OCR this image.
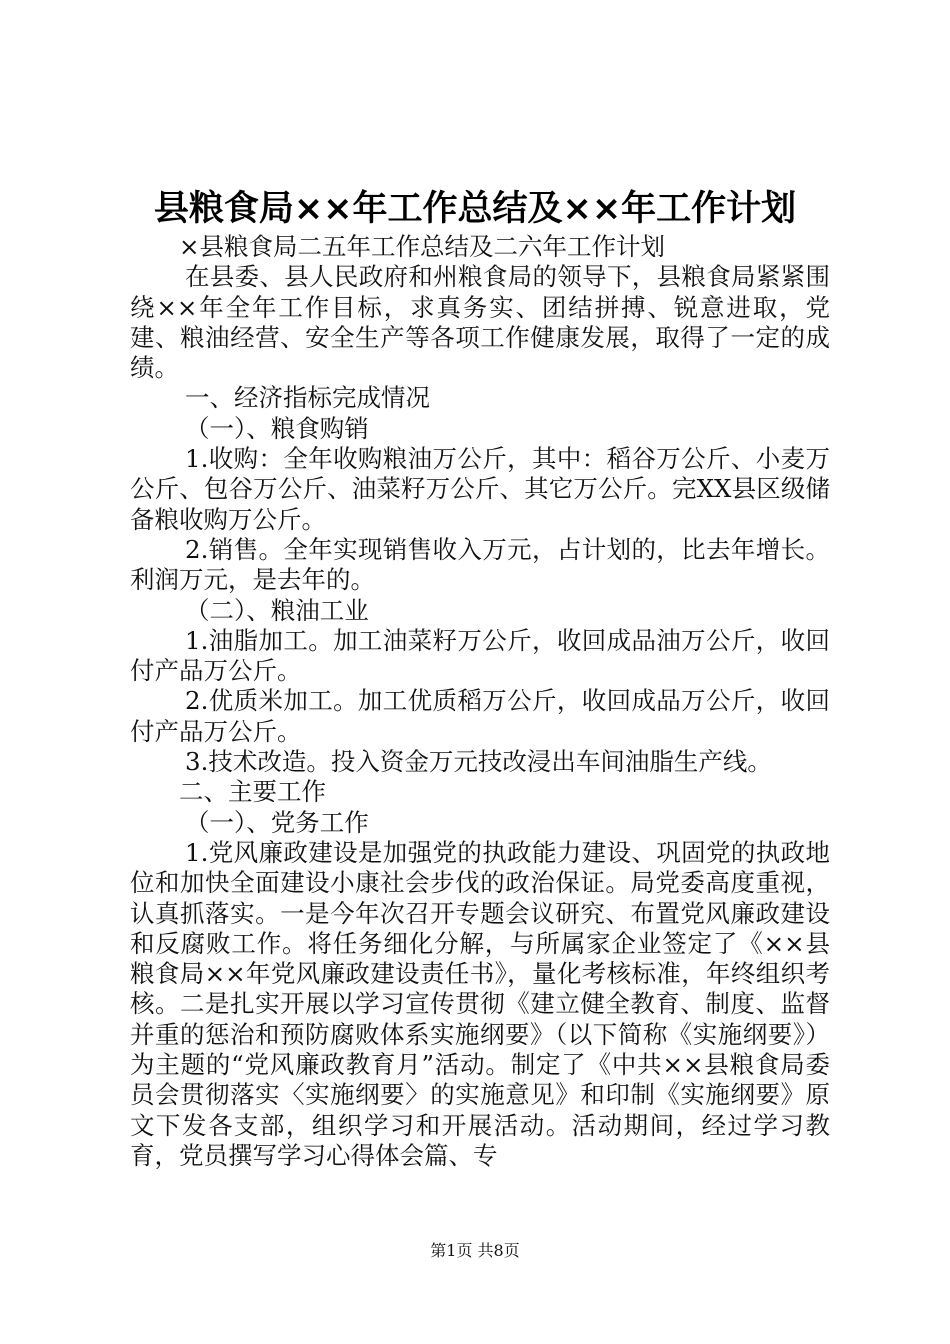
县粮食局××年工作总结及××年工作计划

×县粮食局二五年工作总结及二六年工作计划

在县委、县人民政府和州粮食局的领导下，县粮食局紧紧围绕××年全年工作目标，求真务实、团结拼搏、锐意进取，党建、粮油经营、安全生产等各项工作健康发展，取得了一定的成绩。

一、经济指标完成情况

（一）、粮食购销

1.收购：全年收购粮油万公斤，其中：稻谷万公斤、小麦万公斤、包谷万公斤、油菜籽万公斤、其它万公斤。完XX县区级储备粮收购万公斤。

2.销售。全年实现销售收入万元，占计划的，比去年增长。利润万元，是去年的。

（二）、粮油工业

1.油脂加工。加工油菜籽万公斤，收回成品油万公斤，收回付产品万公斤。

2.优质米加工。加工优质稻万公斤，收回成品万公斤，收回付产品万公斤。

3.技术改造。投入资金万元技改浸出车间油脂生产线。

二、主要工作

（一）、党务工作

1.党风廉政建设是加强党的执政能力建设、巩固党的执政地位和加快全面建设小康社会步伐的政治保证。局党委高度重视，认真抓落实。一是今年次召开专题会议研究、布置党风廉政建设和反腐败工作。将任务细化分解，与所属家企业签定了《××县粮食局××年党风廉政建设责任书》，量化考核标准，年终组织考核。二是扎实开展以学习宣传贯彻《建立健全教育、制度、监督并重的惩治和预防腐败体系实施纲要》（以下简称《实施纲要》）为主题的“党风廉政教育月”活动。制定了《中共××县粮食局委员会贯彻落实〈实施纲要〉的实施意见》和印制《实施纲要》原文下发各支部，组织学习和开展活动。活动期间，经过学习教育，党员撰写学习心得体会篇、专

第1页 共8页
